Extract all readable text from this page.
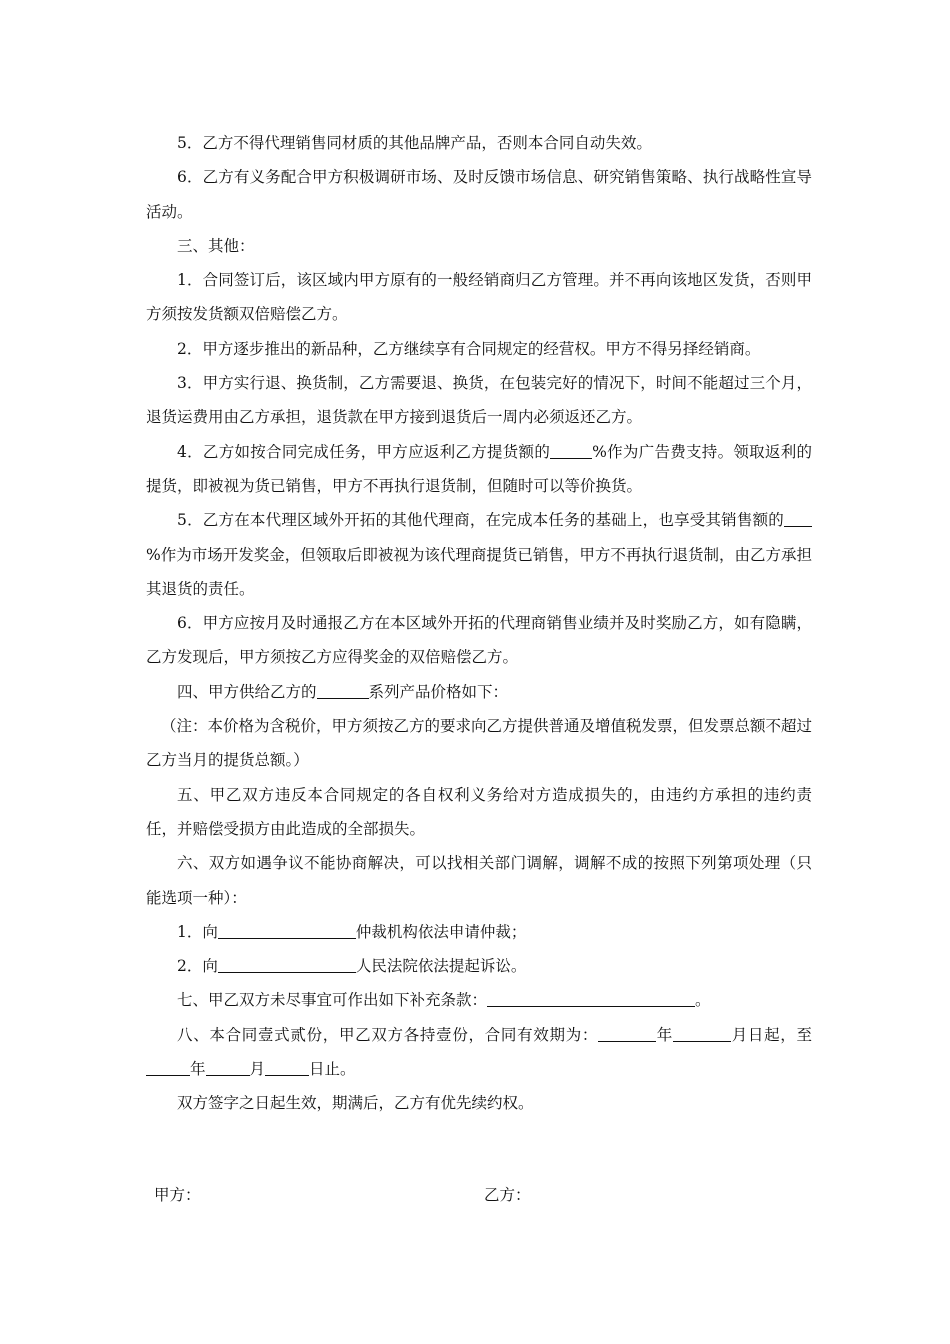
5．乙方不得代理销售同材质的其他品牌产品，否则本合同自动失效。

6．乙方有义务配合甲方积极调研市场、及时反馈市场信息、研究销售策略、执行战略性宣导活动。

三、其他：

1．合同签订后，该区域内甲方原有的一般经销商归乙方管理。并不再向该地区发货，否则甲方须按发货额双倍赔偿乙方。

2．甲方逐步推出的新品种，乙方继续享有合同规定的经营权。甲方不得另择经销商。

3．甲方实行退、换货制，乙方需要退、换货，在包装完好的情况下，时间不能超过三个月，退货运费用由乙方承担，退货款在甲方接到退货后一周内必须返还乙方。

4．乙方如按合同完成任务，甲方应返利乙方提货额的	%作为广告费支持。领取返利的提货，即被视为货已销售，甲方不再执行退货制，但随时可以等价换货。

5．乙方在本代理区域外开拓的其他代理商，在完成本任务的基础上，也享受其销售额的%作为市场开发奖金，但领取后即被视为该代理商提货已销售，甲方不再执行退货制，由乙方承担其退货的责任。

6．甲方应按月及时通报乙方在本区域外开拓的代理商销售业绩并及时奖励乙方，如有隐瞒，乙方发现后，甲方须按乙方应得奖金的双倍赔偿乙方。

四、甲方供给乙方的	系列产品价格如下：

（注：本价格为含税价，甲方须按乙方的要求向乙方提供普通及增值税发票，但发票总额不超过乙方当月的提货总额。）

五、甲乙双方违反本合同规定的各自权利义务给对方造成损失的，由违约方承担的违约责任，并赔偿受损方由此造成的全部损失。

六、双方如遇争议不能协商解决，可以找相关部门调解，调解不成的按照下列第项处理（只能选项一种）：

1．向	仲裁机构依法申请仲裁；

2．向	人民法院依法提起诉讼。

七、甲乙双方未尽事宜可作出如下补充条款：	。

八、本合同壹式贰份，甲乙双方各持壹份，合同有效期为：	年	月日起，至年	月	日止。

双方签字之日起生效，期满后，乙方有优先续约权。

甲方：	乙方：
